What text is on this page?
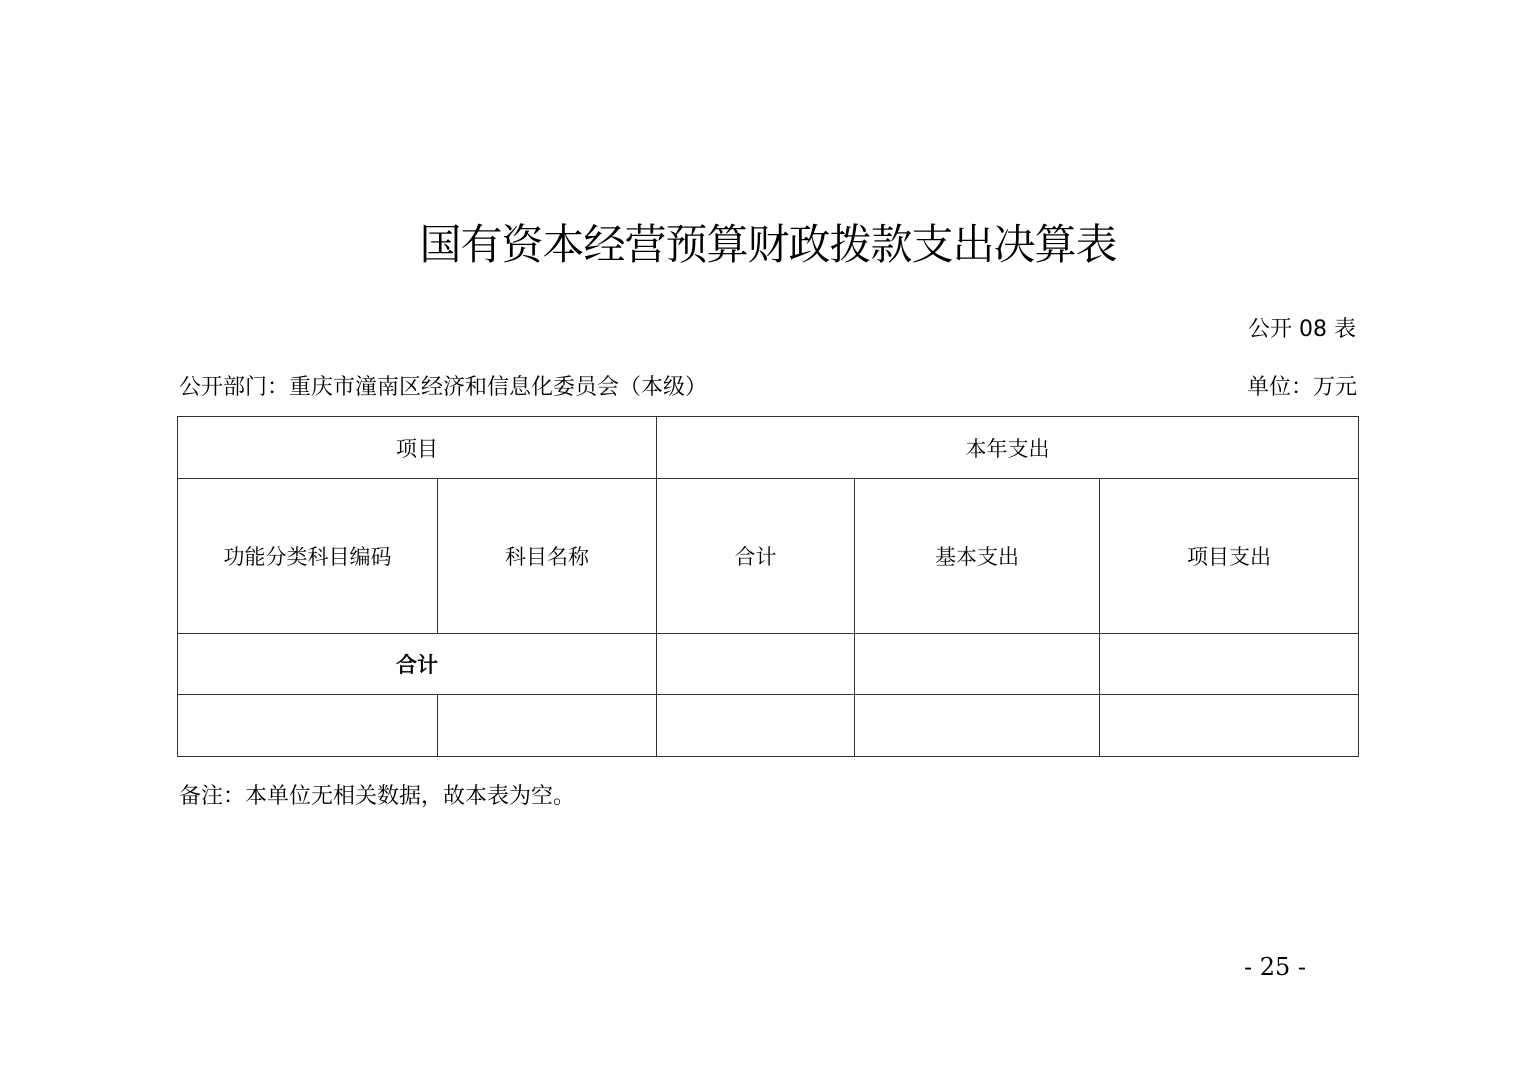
国有资本经营预算财政拨款支出决算表
公开 08 表
公开部门：重庆市潼南区经济和信息化委员会（本级）	单位：万元
项目		本年支出		
功能分类科目编码	科目名称	合计	基本支出	项目支出
合计				

备注：本单位无相关数据，故本表为空。
- 25 -
